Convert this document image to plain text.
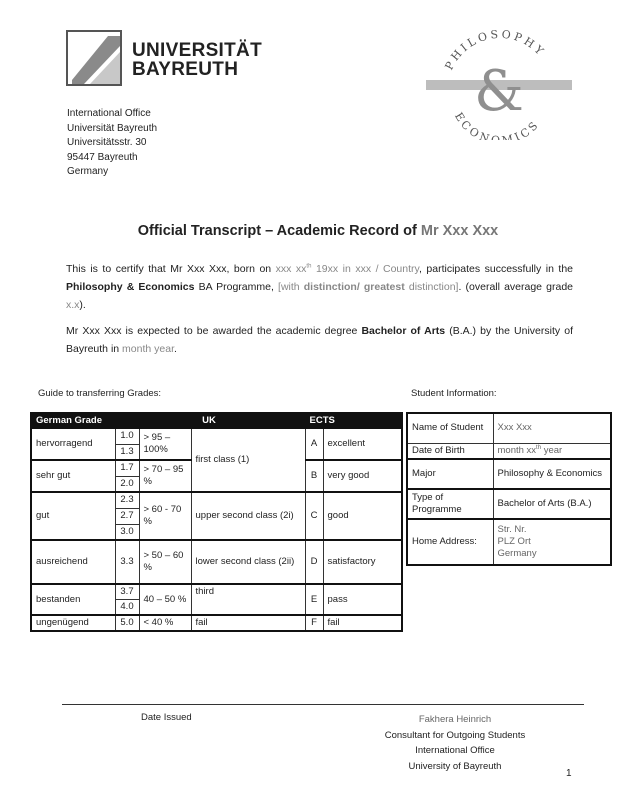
UNIVERSITÄT
BAYREUTH	PHILOSOPHY
ECON MICS
&
International Office
Universität Bayreuth
Universitätsstr. 30
95447 Bayreuth
Germany
Official Transcript – Academic Record of Mr Xxx Xxx
This is to certify that Mr Xxx Xxx, born on xxx $xx^{th}$ 19xx in xxx / Country, participates successfully in the Philosophy & Economics BA Programme, [with distinction/ greatest distinction]. (overall average grade x.x).
Mr Xxx Xxx is expected to be awarded the academic degree Bachelor of Arts (B.A.) by the University of Bayreuth in month year.
Guide to transferring Grades:	Student Information:
German Grade		UK		ECTS	
hervorragend	1.0	> 95 – 100%	first class (1)	A	excellent
	1.3				
sehr gut	1.7	> 70 – 95 %		B	very good
	2.0				
gut	2.3	> 60 - 70 %	upper second class (2i)	C	good
	2.7				
	3.0				
ausreichend	3.3	> 50 – 60 %	lower second class (2ii)	D	satisfactory
bestanden	3.7	40 – 50 %	third	E	pass
	4.0				
ungenügend	5.0	< 40 %	fail	F	fail
Name of Student	Xxx Xxx
Date of Birth	month $xx^{th}$ year
Major	Philosophy & Economics
Type of Programme	Bachelor of Arts (B.A.)
Home Address:	Str. Nr.
PLZ Ort
Germany
Date Issued	Fakhera Heinrich
Consultant for Outgoing Students
International Office
University of Bayreuth
1
